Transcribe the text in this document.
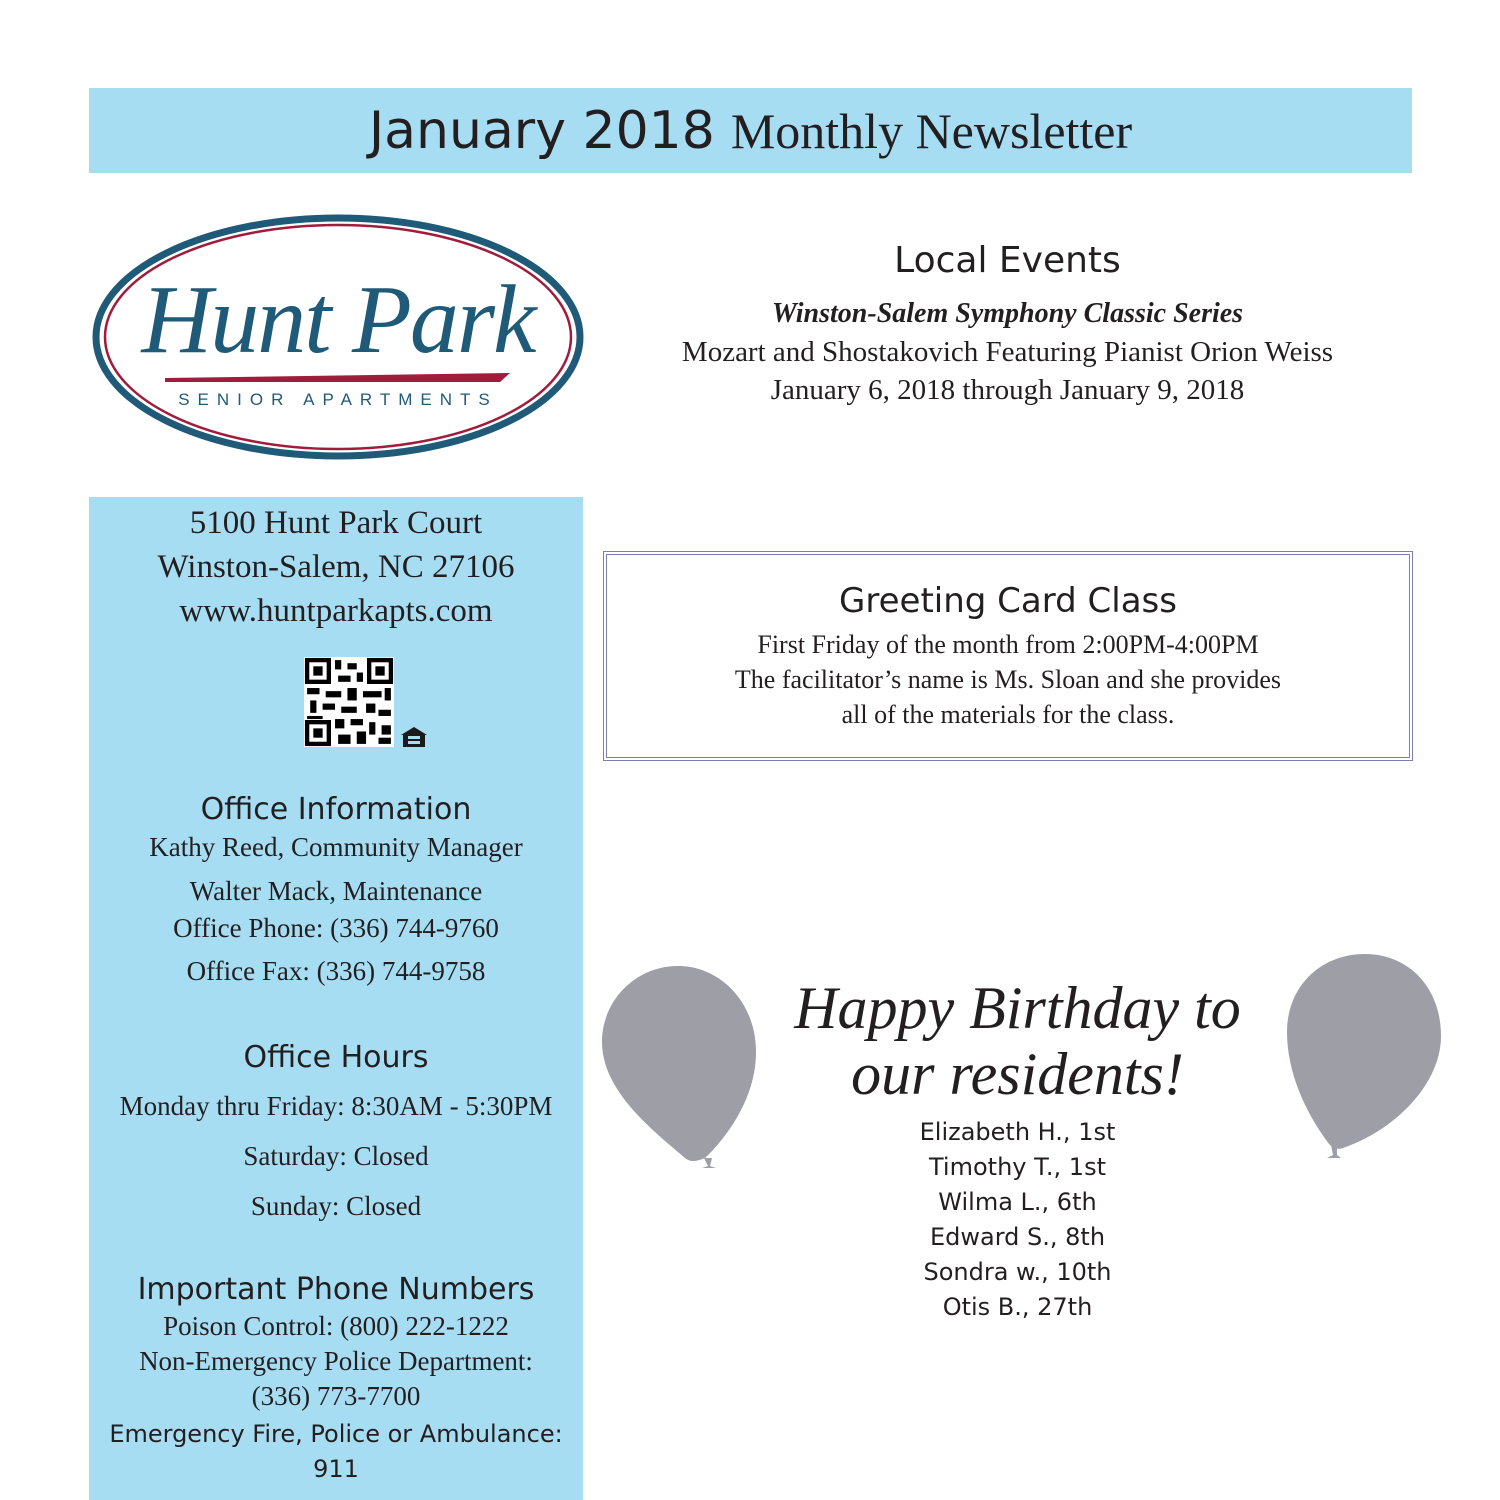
January 2018 Monthly Newsletter
Hunt Park
SENIOR APARTMENTS
Local Events
Winston-Salem Symphony Classic Series
Mozart and Shostakovich Featuring Pianist Orion Weiss
January 6, 2018 through January 9, 2018
5100 Hunt Park Court
Winston-Salem, NC 27106
www.huntparkapts.com
Office Information
Kathy Reed, Community Manager
Walter Mack, Maintenance
Office Phone: (336) 744-9760
Office Fax: (336) 744-9758
Office Hours
Monday thru Friday: 8:30AM - 5:30PM
Saturday: Closed
Sunday: Closed
Important Phone Numbers
Poison Control: (800) 222-1222
Non-Emergency Police Department:
(336) 773-7700
Emergency Fire, Police or Ambulance:
911
Greeting Card Class
First Friday of the month from 2:00PM-4:00PM
The facilitator’s name is Ms. Sloan and she provides
all of the materials for the class.
Happy Birthday to
our residents!
Elizabeth H., 1st
Timothy T., 1st
Wilma L., 6th
Edward S., 8th
Sondra w., 10th
Otis B., 27th
